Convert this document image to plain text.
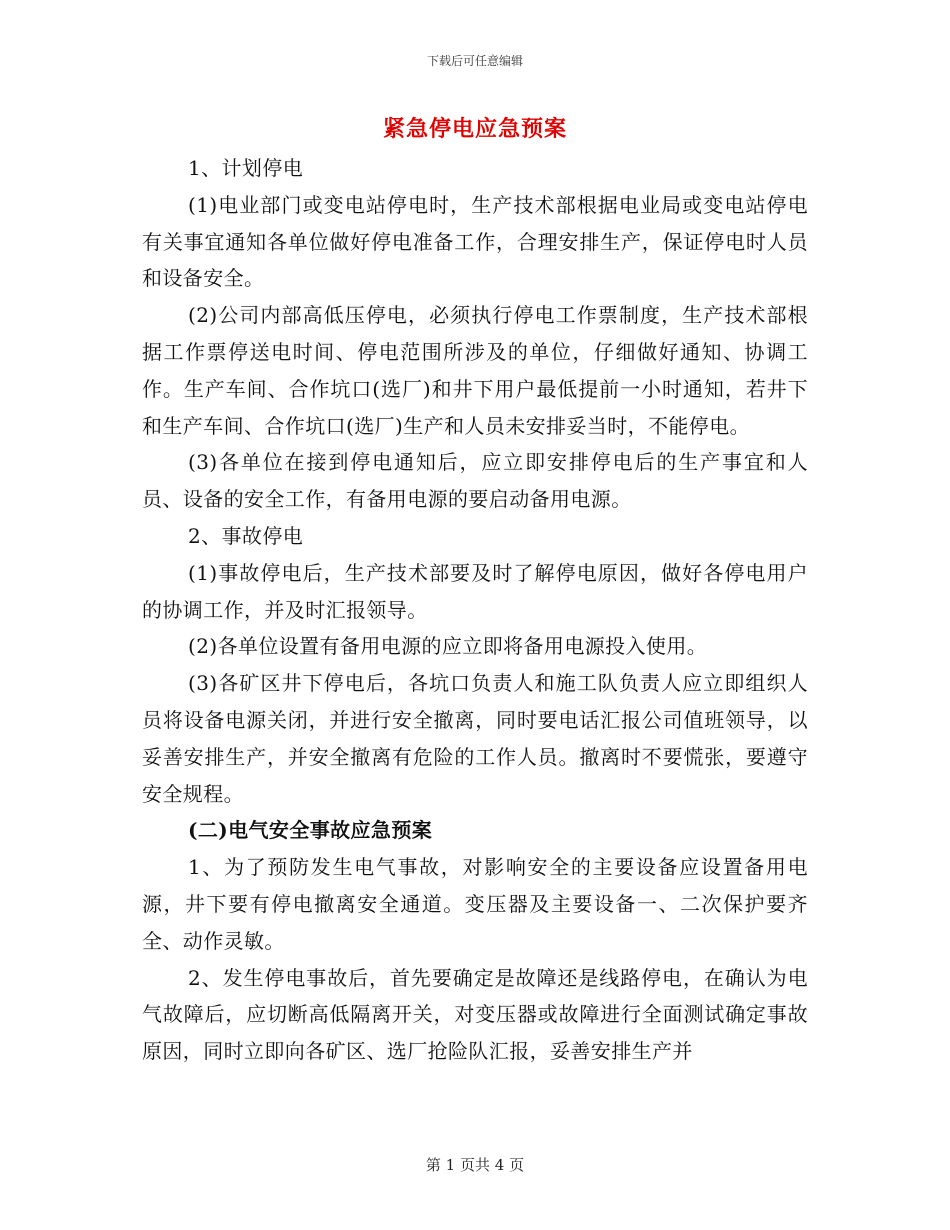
下载后可任意编辑
紧急停电应急预案

1、计划停电

(1)电业部门或变电站停电时，生产技术部根据电业局或变电站停电有关事宜通知各单位做好停电准备工作，合理安排生产，保证停电时人员和设备安全。

(2)公司内部高低压停电，必须执行停电工作票制度，生产技术部根据工作票停送电时间、停电范围所涉及的单位，仔细做好通知、协调工作。生产车间、合作坑口(选厂)和井下用户最低提前一小时通知，若井下和生产车间、合作坑口(选厂)生产和人员未安排妥当时，不能停电。

(3)各单位在接到停电通知后，应立即安排停电后的生产事宜和人员、设备的安全工作，有备用电源的要启动备用电源。

2、事故停电

(1)事故停电后，生产技术部要及时了解停电原因，做好各停电用户的协调工作，并及时汇报领导。

(2)各单位设置有备用电源的应立即将备用电源投入使用。

(3)各矿区井下停电后，各坑口负责人和施工队负责人应立即组织人员将设备电源关闭，并进行安全撤离，同时要电话汇报公司值班领导，以妥善安排生产，并安全撤离有危险的工作人员。撤离时不要慌张，要遵守安全规程。

(二)电气安全事故应急预案

1、为了预防发生电气事故，对影响安全的主要设备应设置备用电源，井下要有停电撤离安全通道。变压器及主要设备一、二次保护要齐全、动作灵敏。

2、发生停电事故后，首先要确定是故障还是线路停电，在确认为电气故障后，应切断高低隔离开关，对变压器或故障进行全面测试确定事故原因，同时立即向各矿区、选厂抢险队汇报，妥善安排生产并

第 1 页共 4 页
